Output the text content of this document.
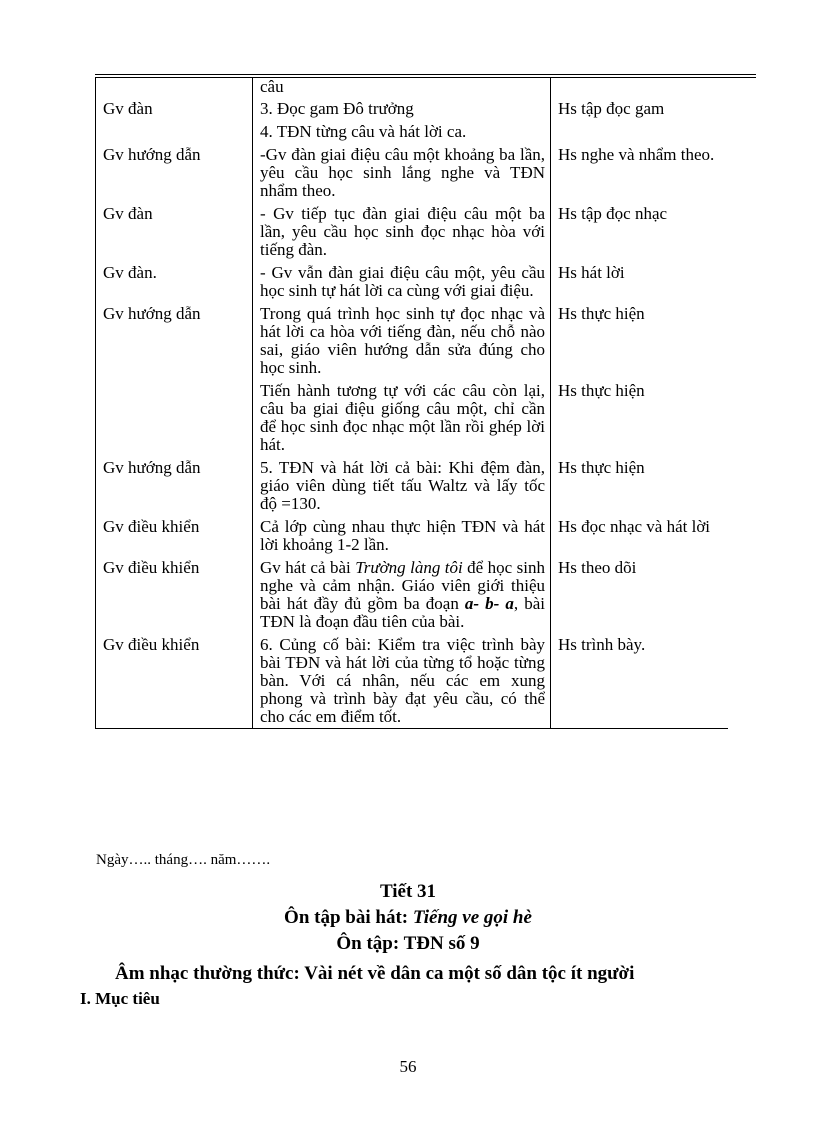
	câu		
Gv đàn	3. Đọc gam Đô trưởng	Hs tập đọc gam	
	4. TĐN từng câu và hát lời ca.		
Gv hướng dẫn	-Gv đàn giai điệu câu một khoảng ba lần, yêu cầu học sinh lắng nghe và TĐN nhẩm theo.	Hs nghe và nhẩm theo.	
Gv đàn	- Gv tiếp tục đàn giai điệu câu một ba lần, yêu cầu học sinh đọc nhạc hòa với tiếng đàn.	Hs tập đọc nhạc	
Gv đàn.	- Gv vẫn đàn giai điệu câu một, yêu cầu học sinh tự hát lời ca cùng với giai điệu.	Hs hát lời	
Gv hướng dẫn	Trong quá trình học sinh tự đọc nhạc và hát lời ca hòa với tiếng đàn, nếu chỗ nào sai, giáo viên hướng dẫn sửa đúng cho học sinh.	Hs thực hiện	
	Tiến hành tương tự với các câu còn lại, câu ba giai điệu giống câu một, chỉ cần để học sinh đọc nhạc một lần rồi ghép lời hát.	Hs thực hiện	
Gv hướng dẫn	5. TĐN và hát lời cả bài: Khi đệm đàn, giáo viên dùng tiết tấu Waltz và lấy tốc độ =130.	Hs thực hiện	
Gv điều khiển	Cả lớp cùng nhau thực hiện TĐN và hát lời khoảng 1-2 lần.	Hs đọc nhạc và hát lời	
Gv điều khiển	Gv hát cả bài Trường làng tôi để học sinh nghe và cảm nhận. Giáo viên giới thiệu bài hát đầy đủ gồm ba đoạn a- b- a, bài TĐN là đoạn đầu tiên của bài.	Hs theo dõi	
Gv điều khiển	6. Củng cố bài: Kiểm tra việc trình bày bài TĐN và hát lời của từng tổ hoặc từng bàn. Với cá nhân, nếu các em xung phong và trình bày đạt yêu cầu, có thể cho các em điểm tốt.	Hs trình bày.	
Ngày….. tháng…. năm…….
Tiết 31
Ôn tập bài hát: Tiếng ve gọi hè
Ôn tập: TĐN số 9
Âm nhạc thường thức: Vài nét về dân ca một số dân tộc ít người
I. Mục tiêu
56
